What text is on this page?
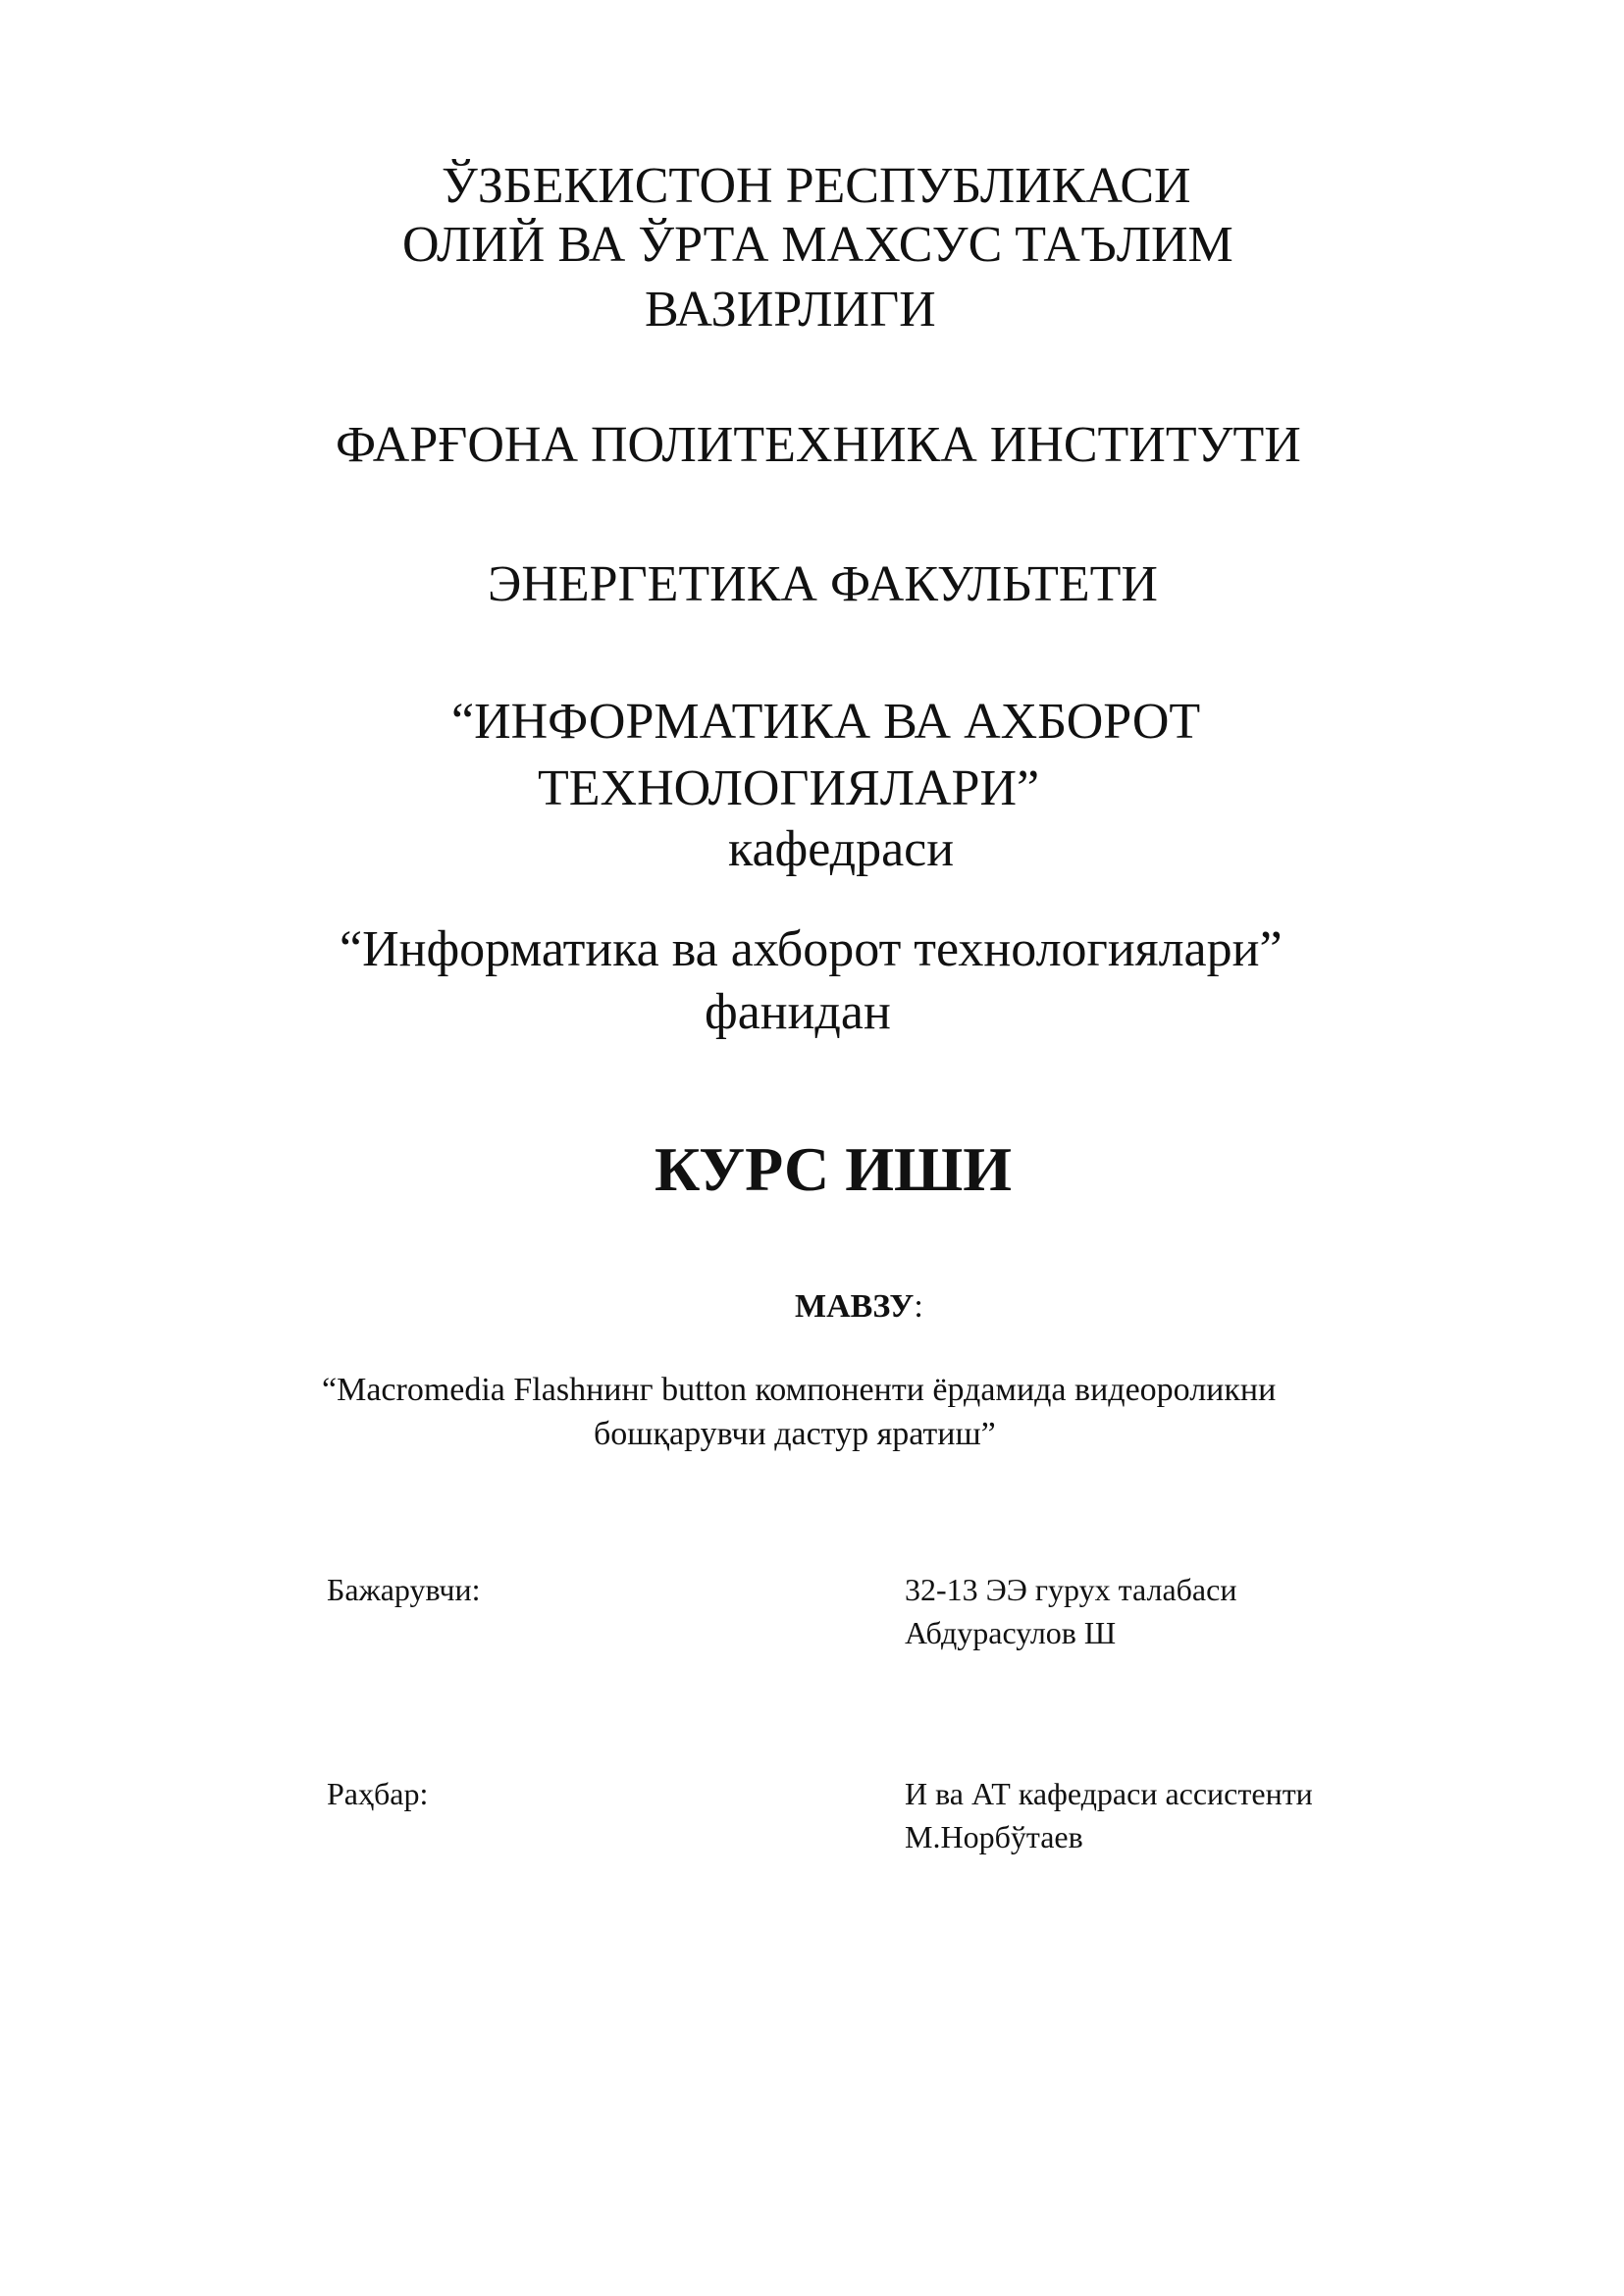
ЎЗБЕКИСТОН РЕСПУБЛИКАСИ
ОЛИЙ ВА ЎРТА МАХСУС ТАЪЛИМ
ВАЗИРЛИГИ
ФАРҒОНА ПОЛИТЕХНИКА ИНСТИТУТИ
ЭНЕРГЕТИКА ФАКУЛЬТЕТИ
“ИНФОРМАТИКА ВА АХБОРОТ
ТЕХНОЛОГИЯЛАРИ”
кафедраси
“Информатика ва ахборот технологиялари”
фанидан
КУРС ИШИ
МАВЗУ:
“Macromedia Flashнинг button компоненти ёрдамида видеороликни
бошқарувчи дастур яратиш”
Бажарувчи:	32-13 ЭЭ гурух талабаси
Абдурасулов Ш
Раҳбар:	И ва АТ кафедраси ассистенти
М.Норбўтаев
